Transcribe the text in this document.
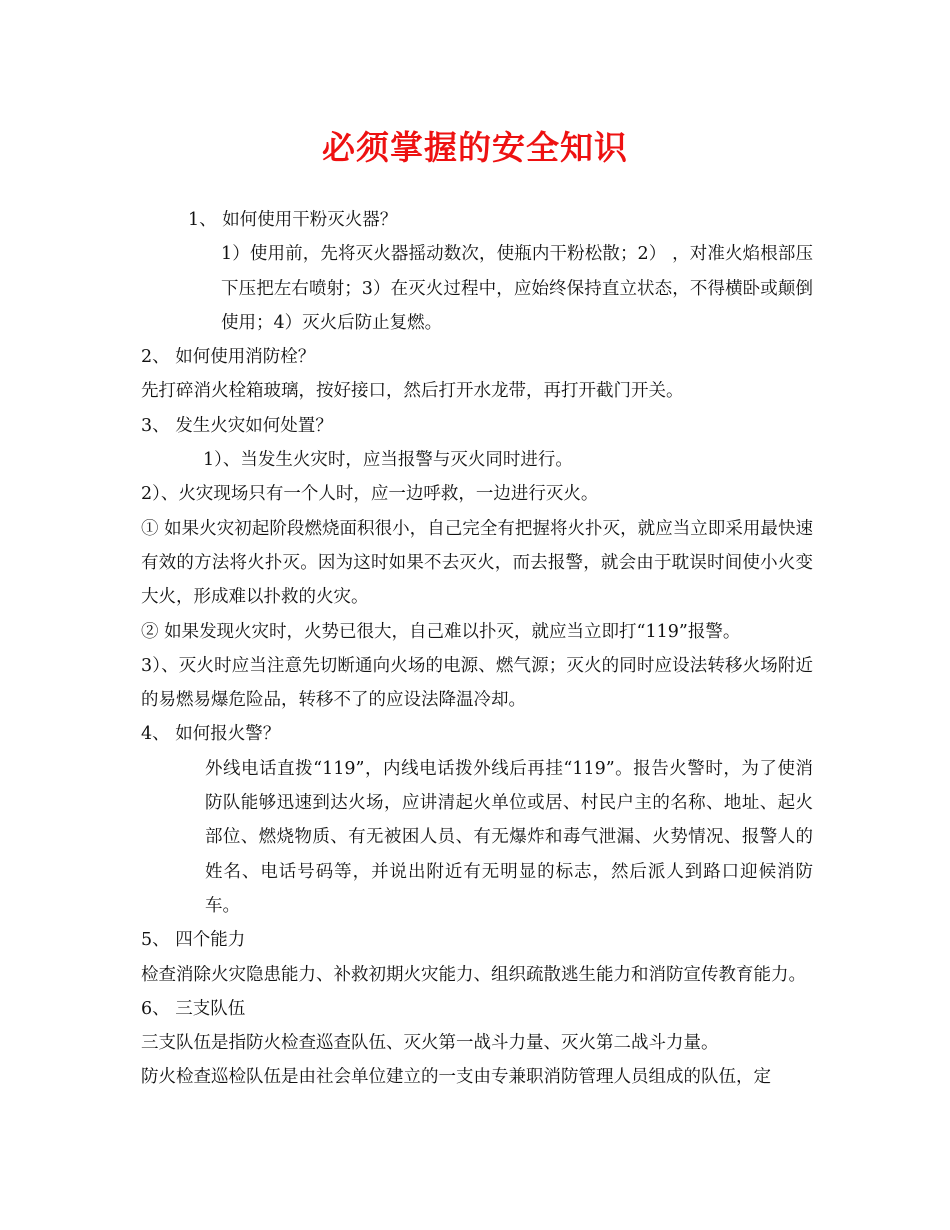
必须掌握的安全知识

1、 如何使用干粉灭火器？

1）使用前，先将灭火器摇动数次，使瓶内干粉松散；2） ，对准火焰根部压下压把左右喷射；3）在灭火过程中，应始终保持直立状态，不得横卧或颠倒使用；4）灭火后防止复燃。

2、 如何使用消防栓？

先打碎消火栓箱玻璃，按好接口，然后打开水龙带，再打开截门开关。

3、 发生火灾如何处置？

1）、当发生火灾时，应当报警与灭火同时进行。

2）、火灾现场只有一个人时，应一边呼救，一边进行灭火。

① 如果火灾初起阶段燃烧面积很小，自己完全有把握将火扑灭，就应当立即采用最快速有效的方法将火扑灭。因为这时如果不去灭火，而去报警，就会由于耽误时间使小火变大火，形成难以扑救的火灾。

② 如果发现火灾时，火势已很大，自己难以扑灭，就应当立即打“119”报警。

3）、灭火时应当注意先切断通向火场的电源、燃气源；灭火的同时应设法转移火场附近的易燃易爆危险品，转移不了的应设法降温冷却。

4、 如何报火警？

外线电话直拨“119”，内线电话拨外线后再挂“119”。报告火警时，为了使消防队能够迅速到达火场，应讲清起火单位或居、村民户主的名称、地址、起火部位、燃烧物质、有无被困人员、有无爆炸和毒气泄漏、火势情况、报警人的姓名、电话号码等，并说出附近有无明显的标志，然后派人到路口迎候消防车。

5、 四个能力

检查消除火灾隐患能力、补救初期火灾能力、组织疏散逃生能力和消防宣传教育能力。

6、 三支队伍

三支队伍是指防火检查巡查队伍、灭火第一战斗力量、灭火第二战斗力量。

防火检查巡检队伍是由社会单位建立的一支由专兼职消防管理人员组成的队伍，定
